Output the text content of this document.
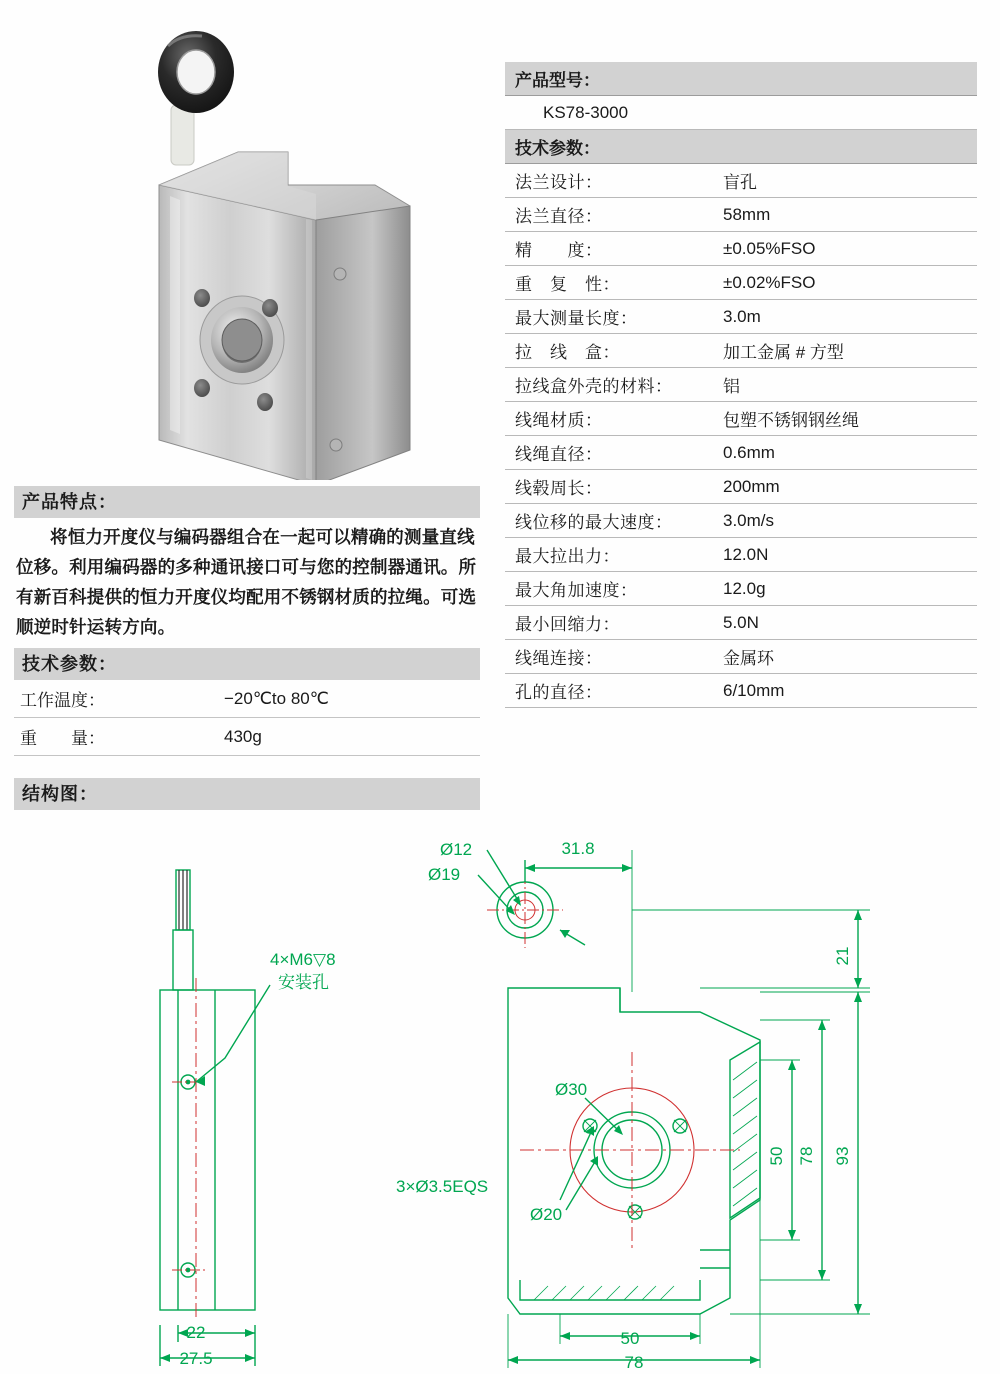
产品型号：
KS78-3000
技术参数：
法兰设计：	盲孔
法兰直径：	58mm
精　　度：	±0.05%FSO
重　复　性：	±0.02%FSO
最大测量长度：	3.0m
拉　线　盒：	加工金属 # 方型
拉线盒外壳的材料：	铝
线绳材质：	包塑不锈钢钢丝绳
线绳直径：	0.6mm
线毂周长：	200mm
线位移的最大速度：	3.0m/s
最大拉出力：	12.0N
最大角加速度：	12.0g
最小回缩力：	5.0N
线绳连接：	金属环
孔的直径：	6/10mm
产品特点：
将恒力开度仪与编码器组合在一起可以精确的测量直线位移。利用编码器的多种通讯接口可与您的控制器通讯。所有新百科提供的恒力开度仪均配用不锈钢材质的拉绳。可选顺逆时针运转方向。
技术参数：
工作温度：	−20℃to 80℃
重　　量：	430g
结构图：
4×M6▽8
安装孔
22
27.5
Ø12
Ø19
31.8
Ø30
Ø20
3×Ø3.5EQS
21
50 78 93
50
78
